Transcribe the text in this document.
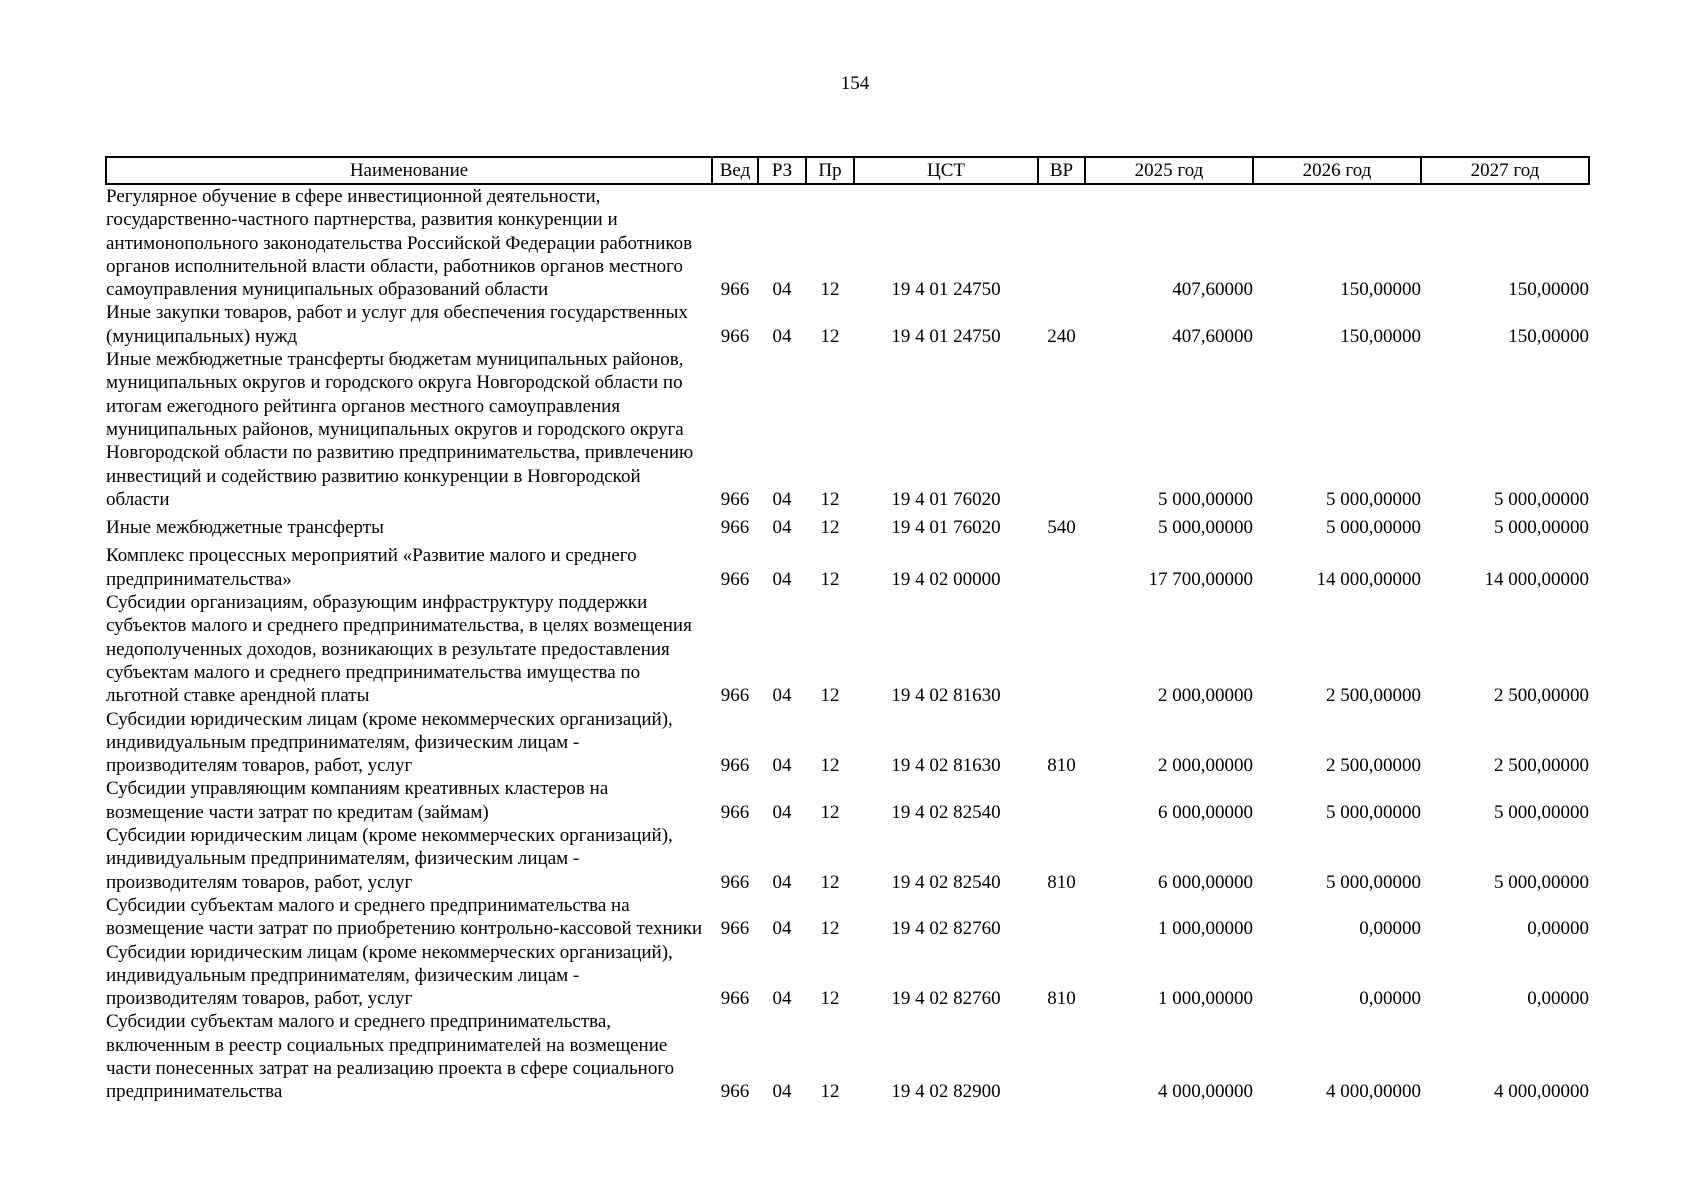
154
Наименование	Вед	РЗ	Пр	ЦСТ	ВР	2025 год	2026 год	2027 год
Регулярное обучение в сфере инвестиционной деятельности, государственно-частного партнерства, развития конкуренции и антимонопольного законодательства Российской Федерации работников органов исполнительной власти области, работников органов местного самоуправления муниципальных образований области	966	04	12	19 4 01 24750		407,60000	150,00000	150,00000
Иные закупки товаров, работ и услуг для обеспечения государственных (муниципальных) нужд	966	04	12	19 4 01 24750	240	407,60000	150,00000	150,00000
Иные межбюджетные трансферты бюджетам муниципальных районов, муниципальных округов и городского округа Новгородской области по итогам ежегодного рейтинга органов местного самоуправления муниципальных районов, муниципальных округов и городского округа Новгородской области по развитию предпринимательства, привлечению инвестиций и содействию развитию конкуренции в Новгородской области	966	04	12	19 4 01 76020		5 000,00000	5 000,00000	5 000,00000
Иные межбюджетные трансферты	966	04	12	19 4 01 76020	540	5 000,00000	5 000,00000	5 000,00000
Комплекс процессных мероприятий «Развитие малого и среднего предпринимательства»	966	04	12	19 4 02 00000		17 700,00000	14 000,00000	14 000,00000
Субсидии организациям, образующим инфраструктуру поддержки субъектов малого и среднего предпринимательства, в целях возмещения недополученных доходов, возникающих в результате предоставления субъектам малого и среднего предпринимательства имущества по льготной ставке арендной платы	966	04	12	19 4 02 81630		2 000,00000	2 500,00000	2 500,00000
Субсидии юридическим лицам (кроме некоммерческих организаций), индивидуальным предпринимателям, физическим лицам - производителям товаров, работ, услуг	966	04	12	19 4 02 81630	810	2 000,00000	2 500,00000	2 500,00000
Субсидии управляющим компаниям креативных кластеров на возмещение части затрат по кредитам (займам)	966	04	12	19 4 02 82540		6 000,00000	5 000,00000	5 000,00000
Субсидии юридическим лицам (кроме некоммерческих организаций), индивидуальным предпринимателям, физическим лицам - производителям товаров, работ, услуг	966	04	12	19 4 02 82540	810	6 000,00000	5 000,00000	5 000,00000
Субсидии субъектам малого и среднего предпринимательства на возмещение части затрат по приобретению контрольно-кассовой техники	966	04	12	19 4 02 82760		1 000,00000	0,00000	0,00000
Субсидии юридическим лицам (кроме некоммерческих организаций), индивидуальным предпринимателям, физическим лицам - производителям товаров, работ, услуг	966	04	12	19 4 02 82760	810	1 000,00000	0,00000	0,00000
Субсидии субъектам малого и среднего предпринимательства, включенным в реестр социальных предпринимателей на возмещение части понесенных затрат на реализацию проекта в сфере социального предпринимательства	966	04	12	19 4 02 82900		4 000,00000	4 000,00000	4 000,00000
